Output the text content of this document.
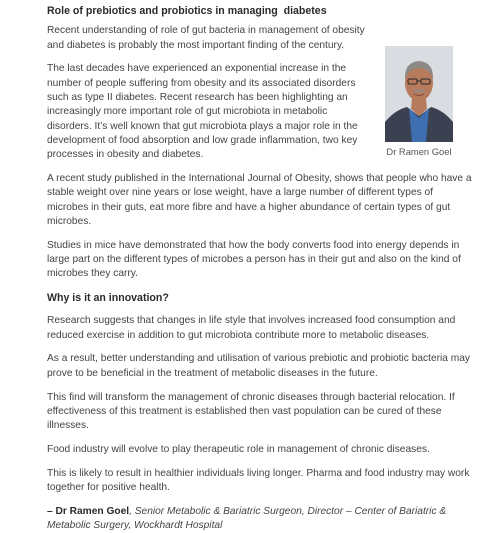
Role of prebiotics and probiotics in managing  diabetes

Recent understanding of role of gut bacteria in management of obesity and diabetes is probably the most important finding of the century.

The last decades have experienced an exponential increase in the number of people suffering from obesity and its associated disorders such as type II diabetes. Recent research has been highlighting an increasingly more important role of gut microbiota in metabolic disorders. It’s well known that gut microbiota plays a major role in the development of food absorption and low grade inflammation, two key processes in obesity and diabetes.	Dr Ramen Goel

A recent study published in the International Journal of Obesity, shows that people who have a stable weight over nine years or lose weight, have a large number of different types of microbes in their guts, eat more fibre and have a higher abundance of certain types of gut microbes.

Studies in mice have demonstrated that how the body converts food into energy depends in large part on the different types of microbes a person has in their gut and also on the kind of microbes they carry.

Why is it an innovation?

Research suggests that changes in life style that involves increased food consumption and reduced exercise in addition to gut microbiota contribute more to metabolic diseases.

As a result, better understanding and utilisation of various prebiotic and probiotic bacteria may prove to be beneficial in the treatment of metabolic diseases in the future.

This find will transform the management of chronic diseases through bacterial relocation. If effectiveness of this treatment is established then vast population can be cured of these illnesses.

Food industry will evolve to play therapeutic role in management of chronic diseases.

This is likely to result in healthier individuals living longer. Pharma and food industry may work together for positive health.

– Dr Ramen Goel, Senior Metabolic & Bariatric Surgeon, Director – Center of Bariatric & Metabolic Surgery, Wockhardt Hospital
